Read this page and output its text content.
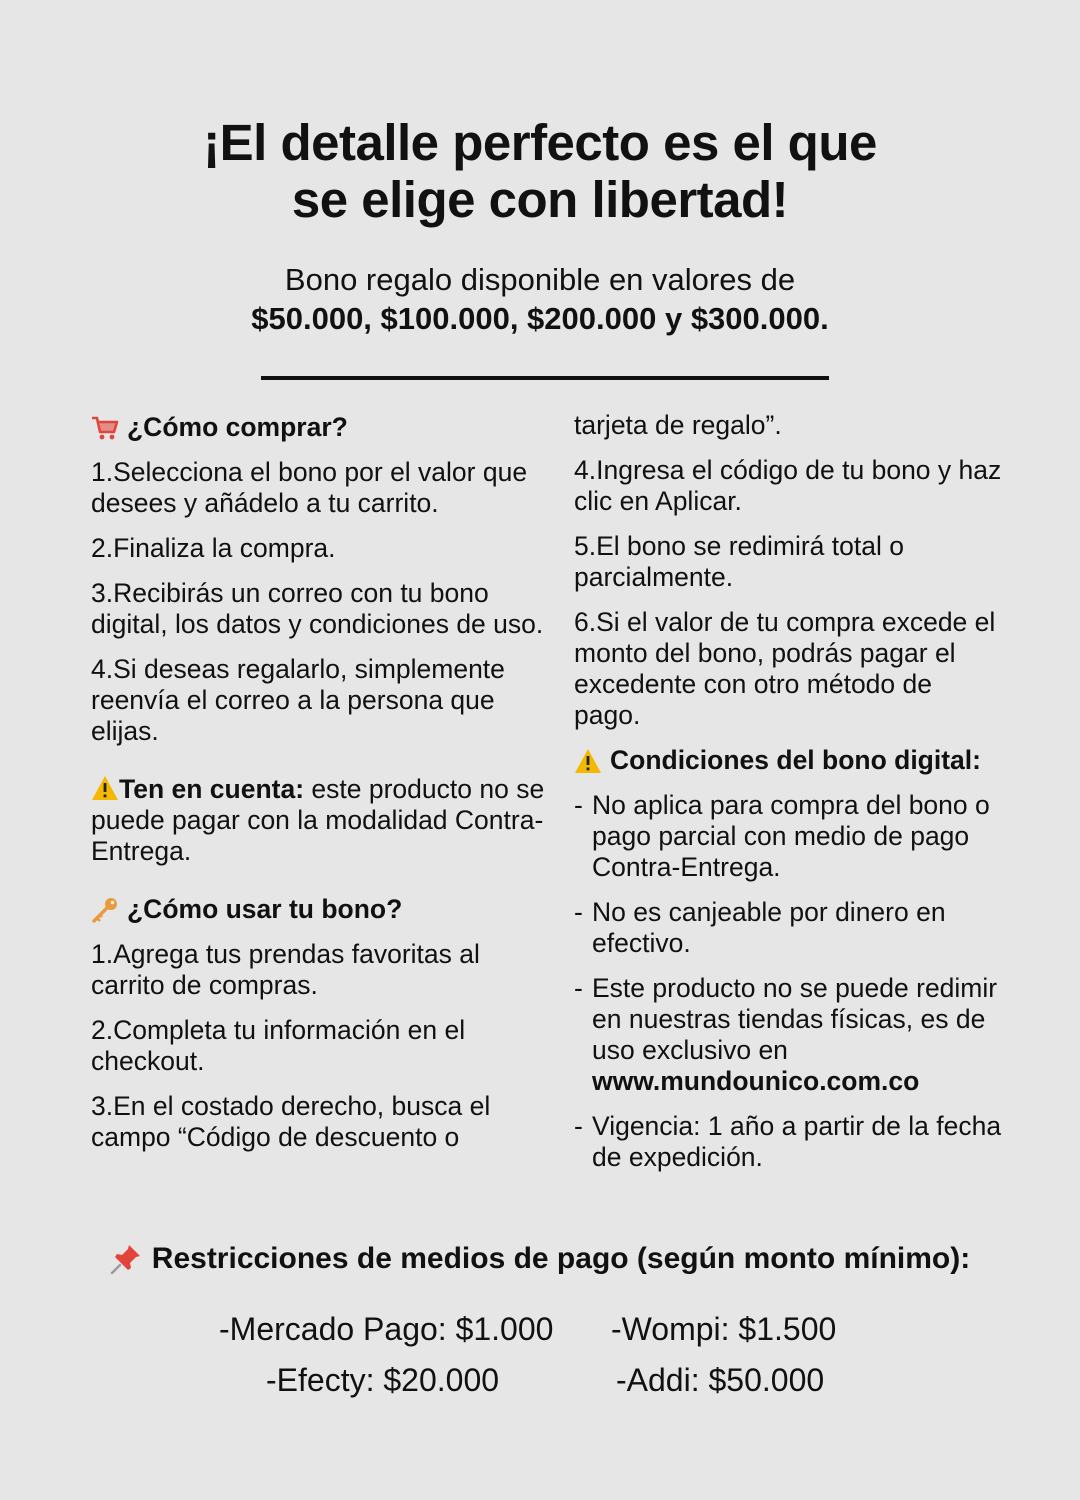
¡El detalle perfecto es el que
se elige con libertad!
Bono regalo disponible en valores de
$50.000, $100.000, $200.000 y $300.000.

¿Cómo comprar?

1.Selecciona el bono por el valor que desees y añádelo a tu carrito.

2.Finaliza la compra.

3.Recibirás un correo con tu bono digital, los datos y condiciones de uso.

4.Si deseas regalarlo, simplemente reenvía el correo a la persona que elijas.

Ten en cuenta: este producto no se puede pagar con la modalidad Contra-Entrega.

¿Cómo usar tu bono?

1.Agrega tus prendas favoritas al carrito de compras.

2.Completa tu información en el checkout.

3.En el costado derecho, busca el campo “Código de descuento o

tarjeta de regalo”.

4.Ingresa el código de tu bono y haz clic en Aplicar.

5.El bono se redimirá total o parcialmente.

6.Si el valor de tu compra excede el monto del bono, podrás pagar el excedente con otro método de pago.

Condiciones del bono digital:

- No aplica para compra del bono o pago parcial con medio de pago Contra-Entrega.
- No es canjeable por dinero en efectivo.
- Este producto no se puede redimir en nuestras tiendas físicas, es de uso exclusivo en
www.mundounico.com.co
- Vigencia: 1 año a partir de la fecha de expedición.
Restricciones de medios de pago (según monto mínimo):
-Mercado Pago: $1.000 -Wompi: $1.500
-Efecty: $20.000	-Addi: $50.000
